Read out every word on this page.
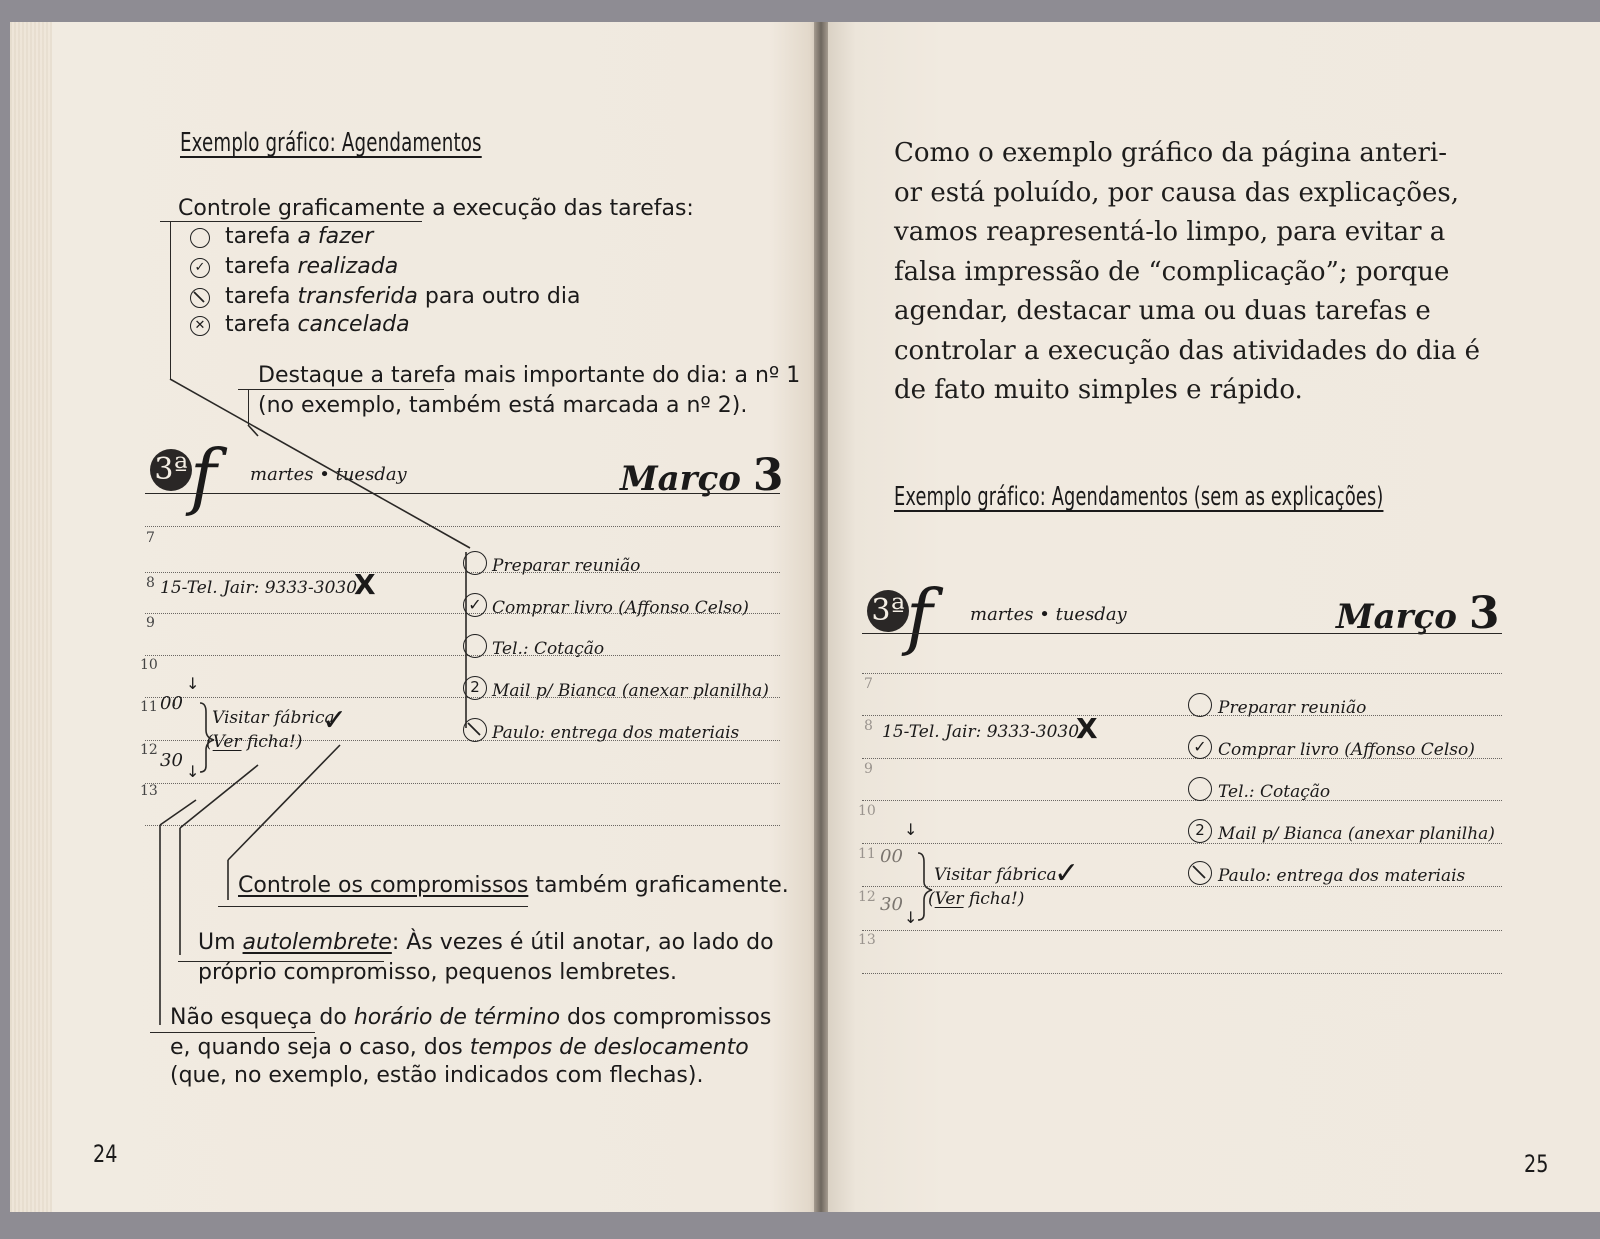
Exemplo gráfico: Agendamentos
Controle graficamente a execução das tarefas:
tarefa a fazer
✓ tarefa realizada
tarefa transferida para outro dia
✕ tarefa cancelada
Destaque a tarefa mais importante do dia: a nº 1
(no exemplo, também está marcada a nº 2).
3ª f martes • tuesday	Março 3
7
8
9
10
11
12
13
15-Tel. Jair: 9333-3030
X
00
30
↓
↓
Visitar fábrica
(Ver ficha!)
✓
Preparar reunião
✓ Comprar livro (Affonso Celso)
Tel.: Cotação
2 Mail p/ Bianca (anexar planilha)
Paulo: entrega dos materiais
Controle os compromissos também graficamente.
Um autolembrete: Às vezes é útil anotar, ao lado do
próprio compromisso, pequenos lembretes.
Não esqueça do horário de término dos compromissos
e, quando seja o caso, dos tempos de deslocamento
(que, no exemplo, estão indicados com flechas).
24
Como o exemplo gráfico da página anteri-
or está poluído, por causa das explicações,
vamos reapresentá-lo limpo, para evitar a
falsa impressão de “complicação”; porque
agendar, destacar uma ou duas tarefas e
controlar a execução das atividades do dia é
de fato muito simples e rápido.
Exemplo gráfico: Agendamentos (sem as explicações)
3ª f martes • tuesday	Março 3
7
8
9
10
11
12
13
15-Tel. Jair: 9333-3030
X
00
30
↓
↓
Visitar fábrica
(Ver ficha!)
✓
Preparar reunião
✓ Comprar livro (Affonso Celso)
Tel.: Cotação
2 Mail p/ Bianca (anexar planilha)
Paulo: entrega dos materiais
25
